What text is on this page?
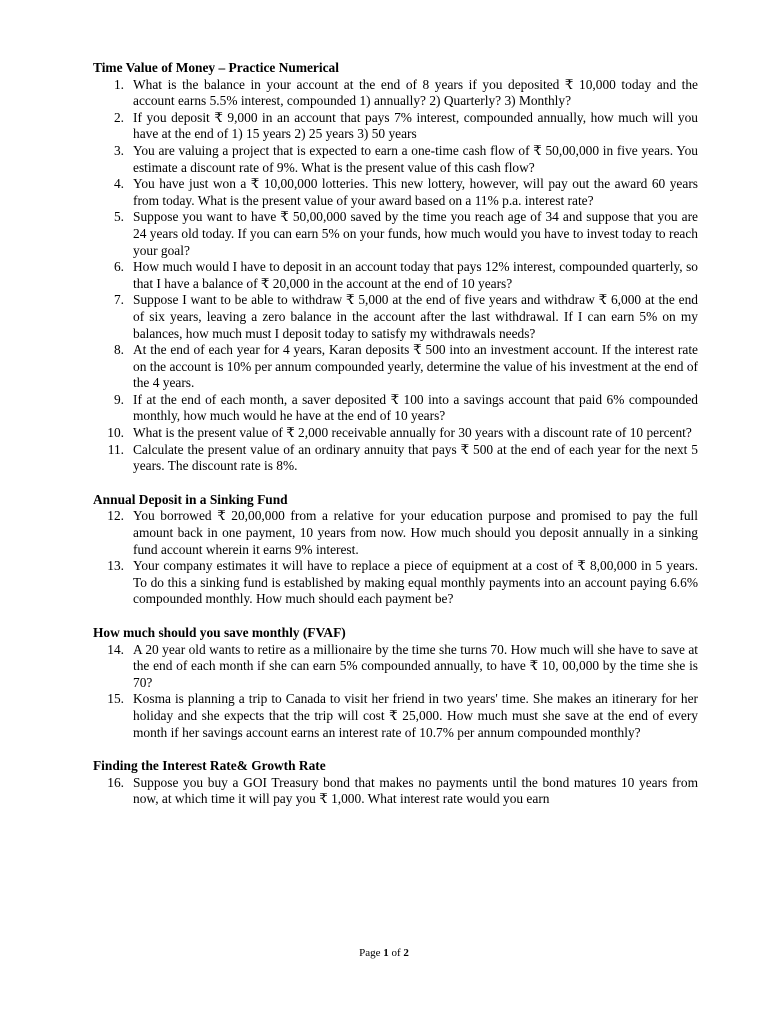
Time Value of Money – Practice Numerical
1. What is the balance in your account at the end of 8 years if you deposited ₹ 10,000 today and the account earns 5.5% interest, compounded 1) annually? 2) Quarterly? 3) Monthly?
2. If you deposit ₹ 9,000 in an account that pays 7% interest, compounded annually, how much will you have at the end of 1) 15 years 2) 25 years 3) 50 years
3. You are valuing a project that is expected to earn a one-time cash flow of ₹ 50,00,000 in five years. You estimate a discount rate of 9%. What is the present value of this cash flow?
4. You have just won a ₹ 10,00,000 lotteries. This new lottery, however, will pay out the award 60 years from today. What is the present value of your award based on a 11% p.a. interest rate?
5. Suppose you want to have ₹ 50,00,000 saved by the time you reach age of 34 and suppose that you are 24 years old today. If you can earn 5% on your funds, how much would you have to invest today to reach your goal?
6. How much would I have to deposit in an account today that pays 12% interest, compounded quarterly, so that I have a balance of ₹ 20,000 in the account at the end of 10 years?
7. Suppose I want to be able to withdraw ₹ 5,000 at the end of five years and withdraw ₹ 6,000 at the end of six years, leaving a zero balance in the account after the last withdrawal. If I can earn 5% on my balances, how much must I deposit today to satisfy my withdrawals needs?
8. At the end of each year for 4 years, Karan deposits ₹ 500 into an investment account. If the interest rate on the account is 10% per annum compounded yearly, determine the value of his investment at the end of the 4 years.
9. If at the end of each month, a saver deposited ₹ 100 into a savings account that paid 6% compounded monthly, how much would he have at the end of 10 years?
10. What is the present value of ₹ 2,000 receivable annually for 30 years with a discount rate of 10 percent?
11. Calculate the present value of an ordinary annuity that pays ₹ 500 at the end of each year for the next 5 years. The discount rate is 8%.
Annual Deposit in a Sinking Fund
12. You borrowed ₹ 20,00,000 from a relative for your education purpose and promised to pay the full amount back in one payment, 10 years from now. How much should you deposit annually in a sinking fund account wherein it earns 9% interest.
13. Your company estimates it will have to replace a piece of equipment at a cost of ₹ 8,00,000 in 5 years. To do this a sinking fund is established by making equal monthly payments into an account paying 6.6% compounded monthly. How much should each payment be?
How much should you save monthly (FVAF)
14. A 20 year old wants to retire as a millionaire by the time she turns 70. How much will she have to save at the end of each month if she can earn 5% compounded annually, to have ₹ 10, 00,000 by the time she is 70?
15. Kosma is planning a trip to Canada to visit her friend in two years' time. She makes an itinerary for her holiday and she expects that the trip will cost ₹ 25,000. How much must she save at the end of every month if her savings account earns an interest rate of 10.7% per annum compounded monthly?
Finding the Interest Rate& Growth Rate
16. Suppose you buy a GOI Treasury bond that makes no payments until the bond matures 10 years from now, at which time it will pay you ₹ 1,000. What interest rate would you earn
Page 1 of 2
